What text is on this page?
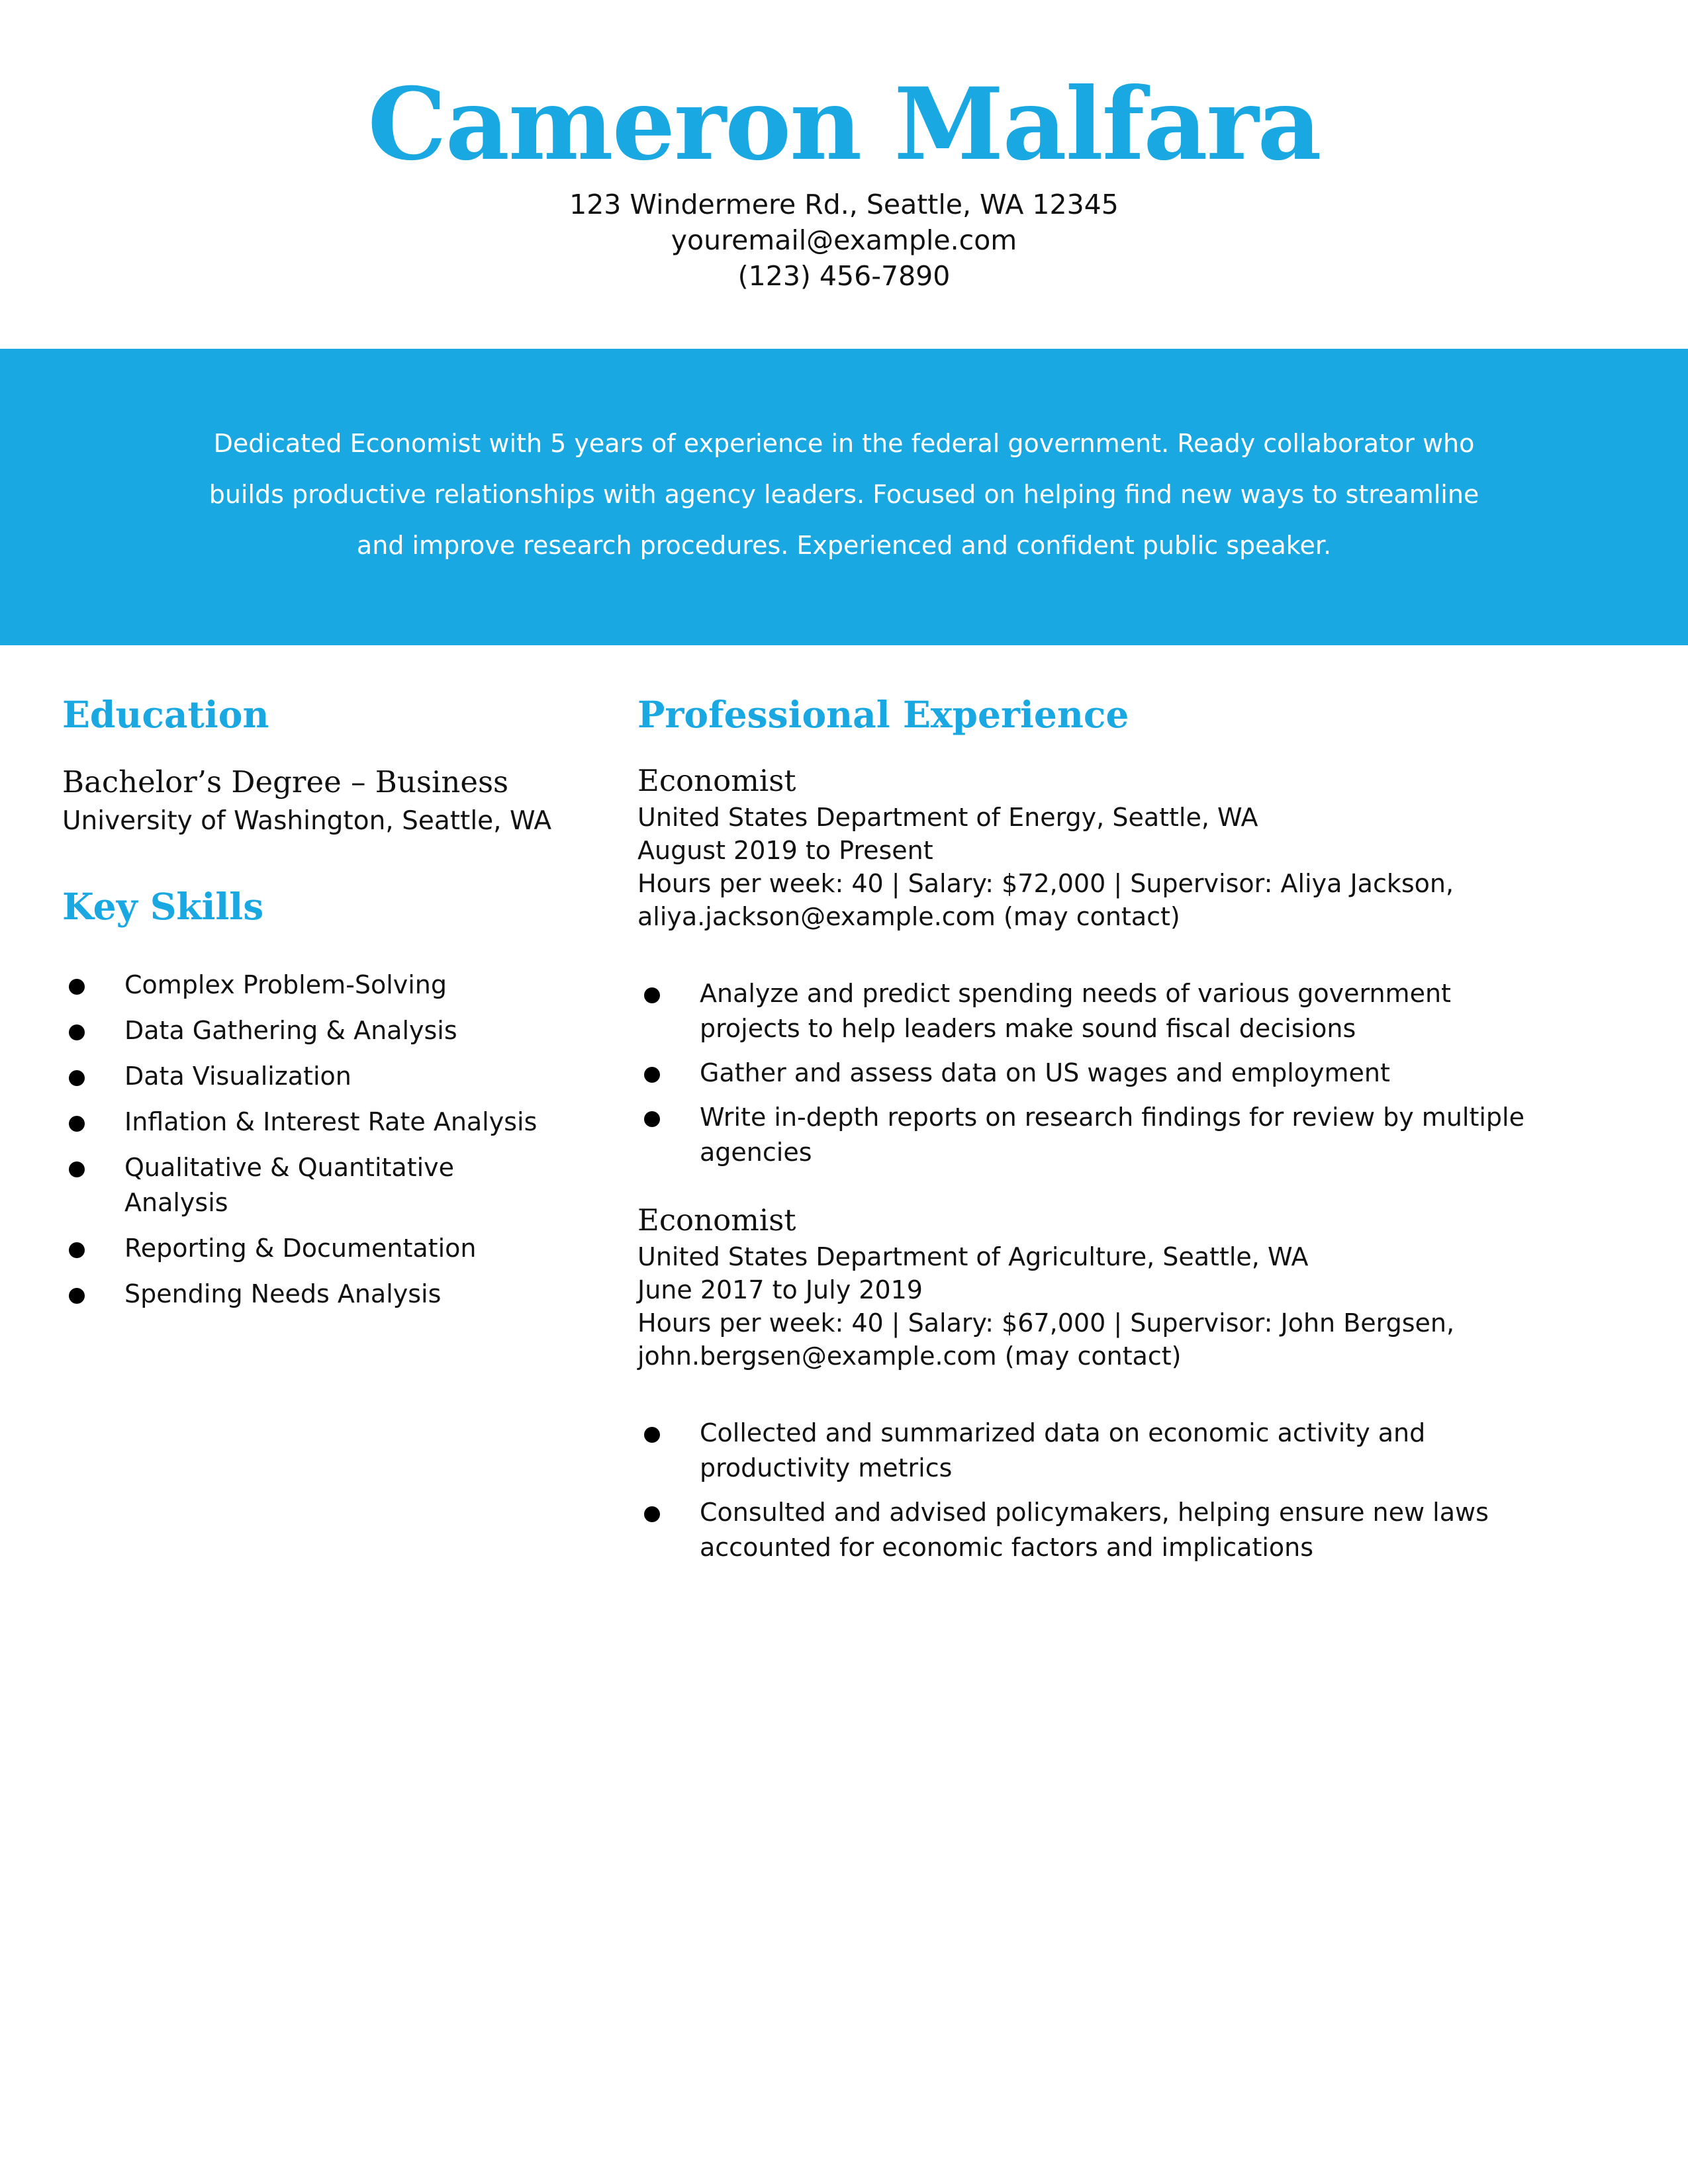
Cameron Malfara
123 Windermere Rd., Seattle, WA 12345
youremail@example.com
(123) 456-7890

Dedicated Economist with 5 years of experience in the federal government. Ready collaborator who builds productive relationships with agency leaders. Focused on helping find new ways to streamline and improve research procedures. Experienced and confident public speaker.

Education
Bachelor’s Degree – Business
University of Washington, Seattle, WA
Key Skills
Complex Problem-Solving
Data Gathering & Analysis
Data Visualization
Inflation & Interest Rate Analysis
Qualitative & Quantitative Analysis
Reporting & Documentation
Spending Needs Analysis
Professional Experience
Economist
United States Department of Energy, Seattle, WA
August 2019 to Present
Hours per week: 40 | Salary: $72,000 | Supervisor: Aliya Jackson,
aliya.jackson@example.com (may contact)
Analyze and predict spending needs of various government projects to help leaders make sound fiscal decisions
Gather and assess data on US wages and employment
Write in-depth reports on research findings for review by multiple agencies
Economist
United States Department of Agriculture, Seattle, WA
June 2017 to July 2019
Hours per week: 40 | Salary: $67,000 | Supervisor: John Bergsen,
john.bergsen@example.com (may contact)
Collected and summarized data on economic activity and productivity metrics
Consulted and advised policymakers, helping ensure new laws accounted for economic factors and implications
